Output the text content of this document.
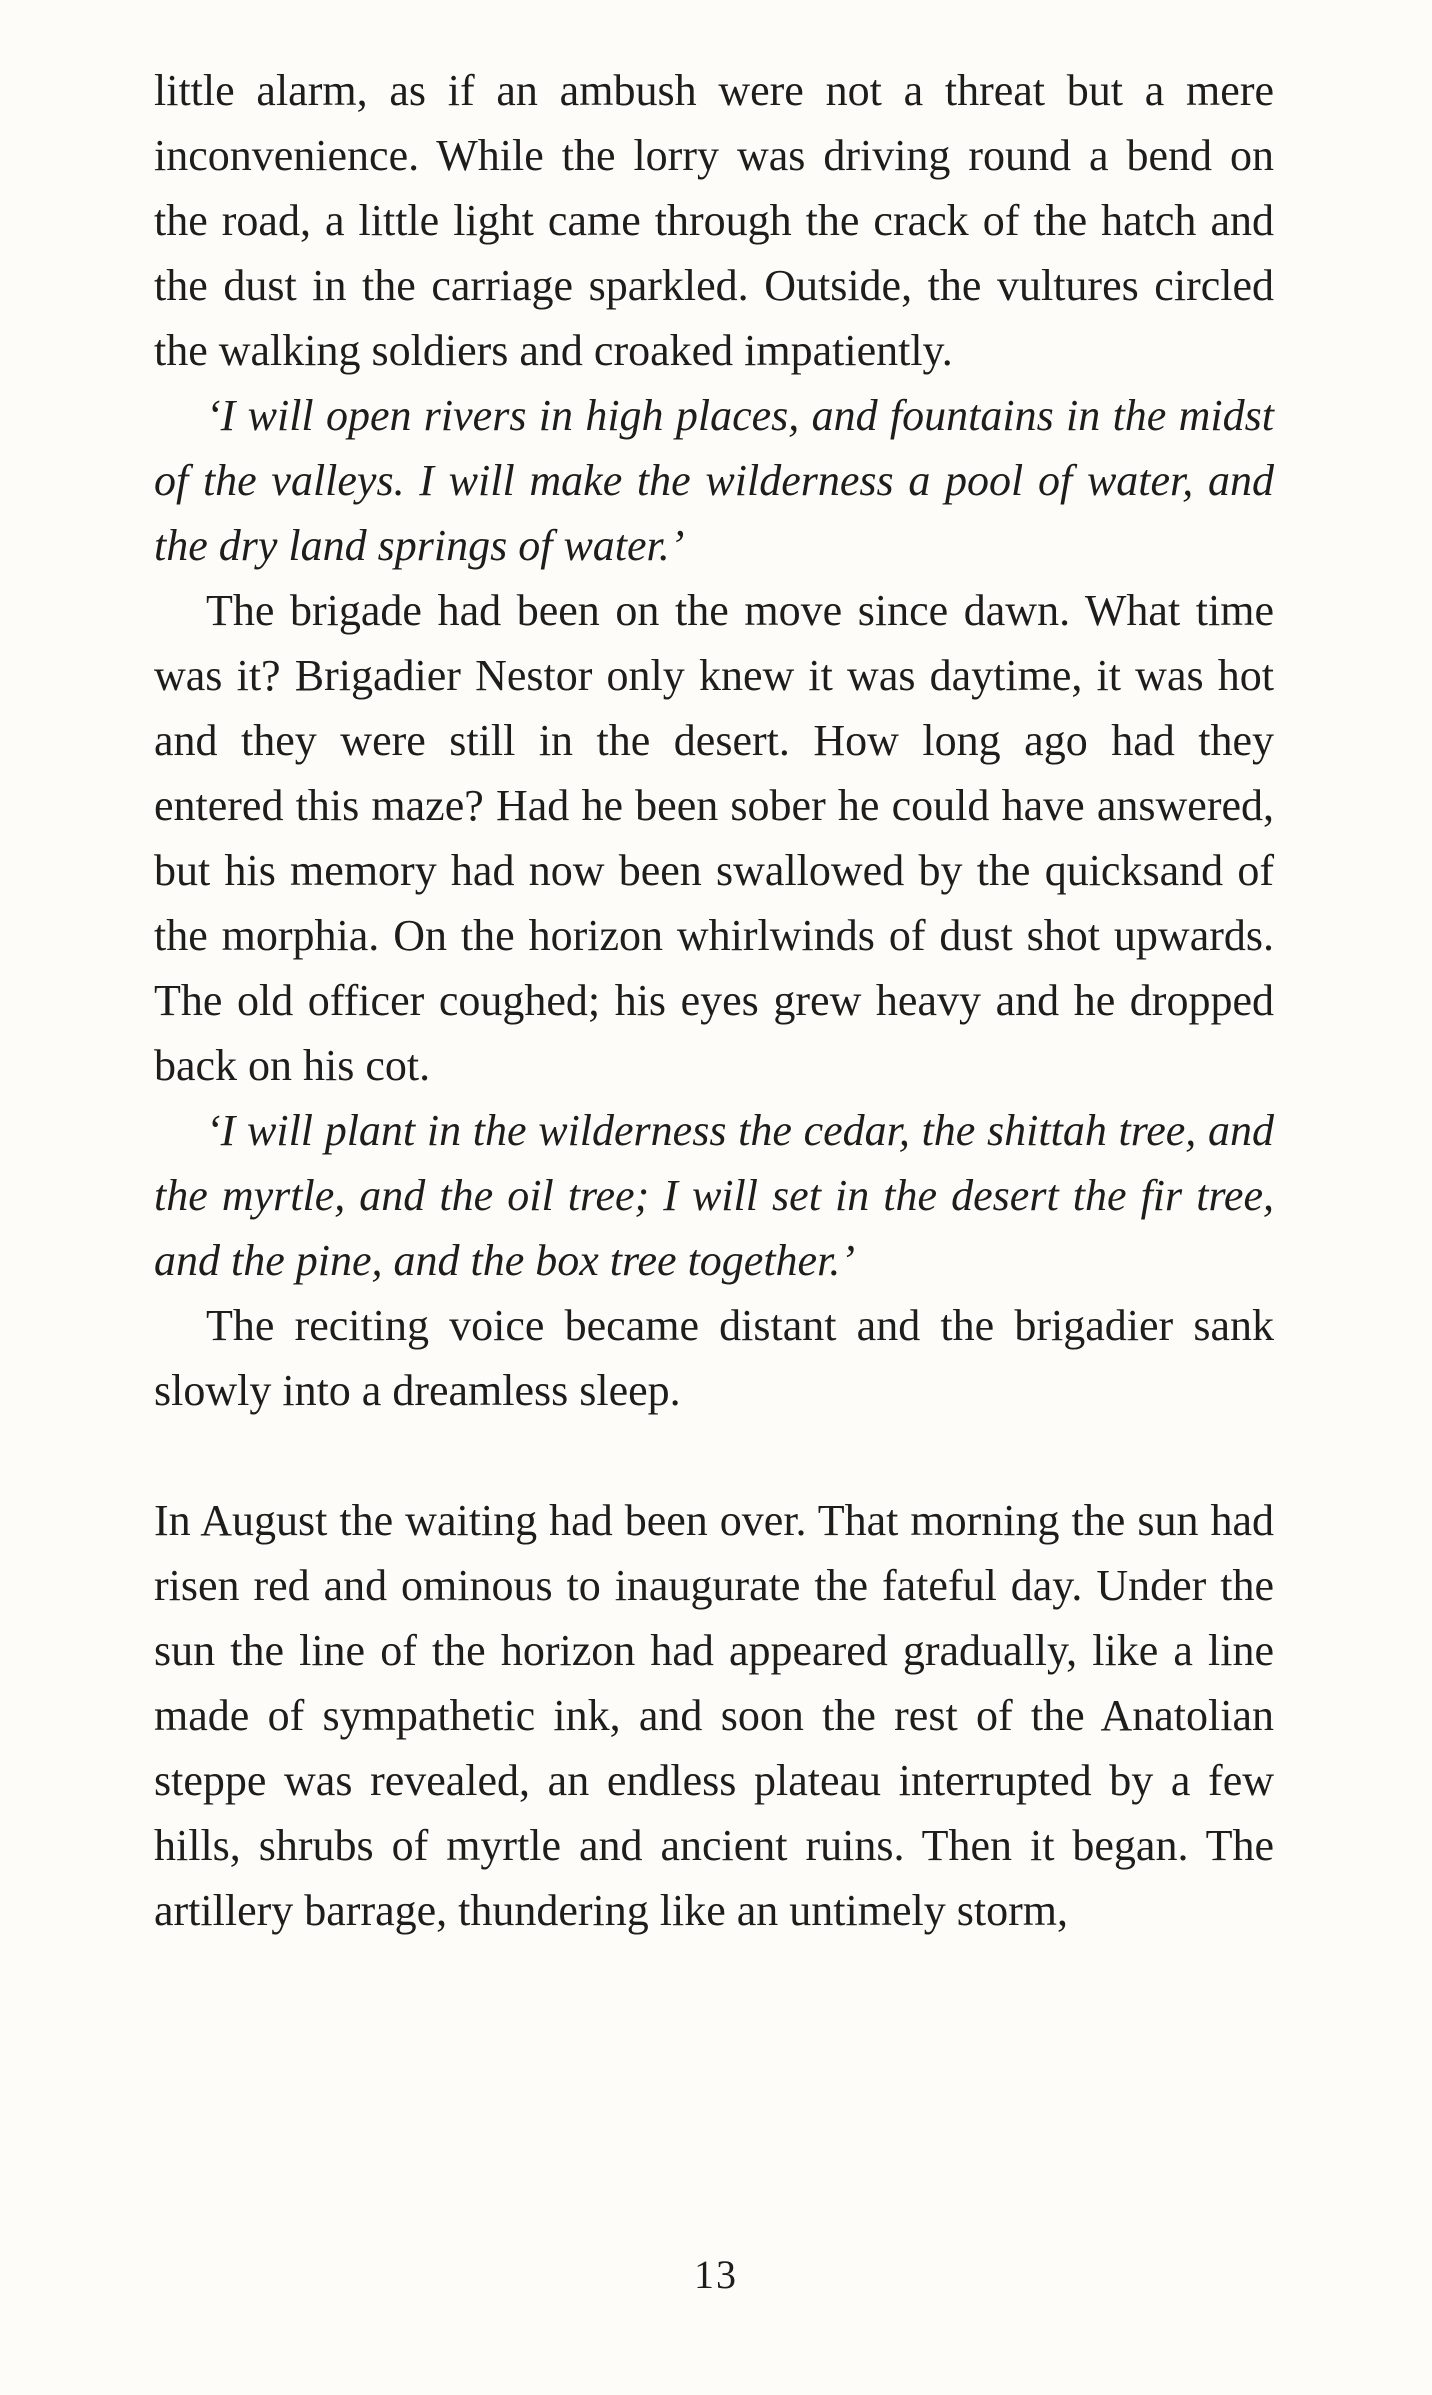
little alarm, as if an ambush were not a threat but a mere inconvenience. While the lorry was driving round a bend on the road, a little light came through the crack of the hatch and the dust in the carriage sparkled. Outside, the vultures circled the walking soldiers and croaked impatiently.

‘I will open rivers in high places, and fountains in the midst of the valleys. I will make the wilderness a pool of water, and the dry land springs of water.’

The brigade had been on the move since dawn. What time was it? Brigadier Nestor only knew it was daytime, it was hot and they were still in the desert. How long ago had they entered this maze? Had he been sober he could have answered, but his memory had now been swallowed by the quicksand of the morphia. On the horizon whirlwinds of dust shot upwards. The old officer coughed; his eyes grew heavy and he dropped back on his cot.

‘I will plant in the wilderness the cedar, the shittah tree, and the myrtle, and the oil tree; I will set in the desert the fir tree, and the pine, and the box tree together.’

The reciting voice became distant and the brigadier sank slowly into a dreamless sleep.

In August the waiting had been over. That morning the sun had risen red and ominous to inaugurate the fateful day. Under the sun the line of the horizon had appeared gradually, like a line made of sympathetic ink, and soon the rest of the Anatolian steppe was revealed, an endless plateau interrupted by a few hills, shrubs of myrtle and ancient ruins. Then it began. The artillery barrage, thundering like an untimely storm,

13
